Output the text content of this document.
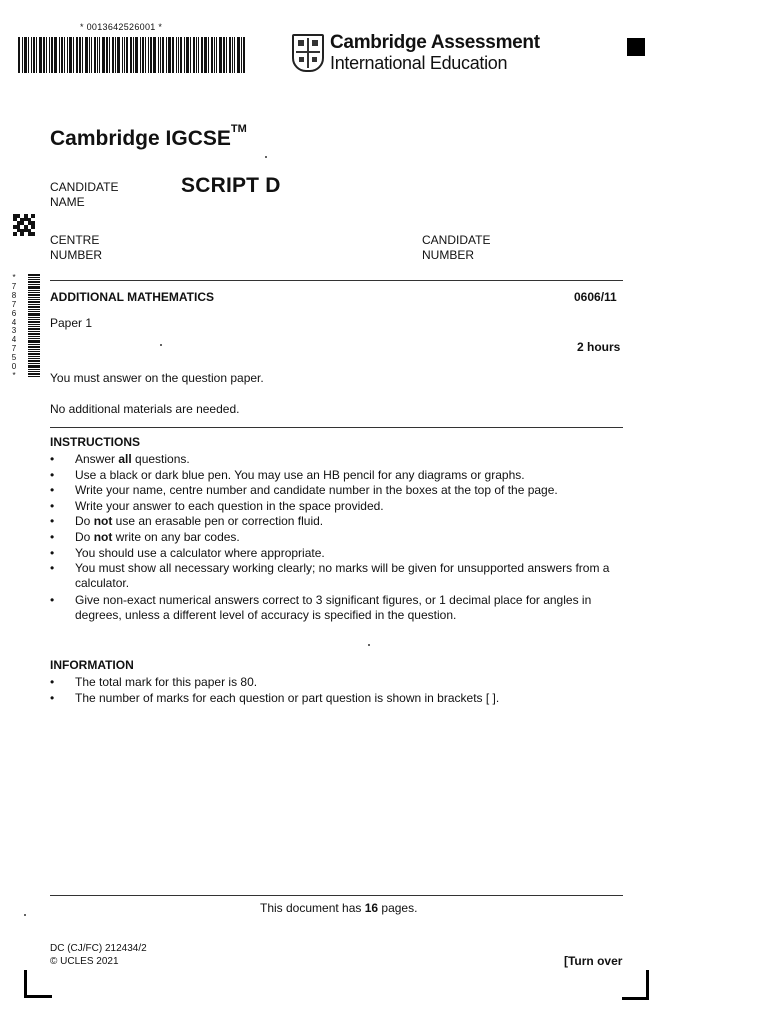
* 0013642526001 *
Cambridge Assessment
International Education
Cambridge IGCSE™
CANDIDATE
NAME
SCRIPT D
CENTRE
NUMBER
CANDIDATE
NUMBER
*
7
8
7
6
4
3
4
7
5
0
*
ADDITIONAL MATHEMATICS	0606/11
Paper 1
2 hours
You must answer on the question paper.
No additional materials are needed.
INSTRUCTIONS
• Answer all questions.
• Use a black or dark blue pen. You may use an HB pencil for any diagrams or graphs.
• Write your name, centre number and candidate number in the boxes at the top of the page.
• Write your answer to each question in the space provided.
• Do not use an erasable pen or correction fluid.
• Do not write on any bar codes.
• You should use a calculator where appropriate.
• You must show all necessary working clearly; no marks will be given for unsupported answers from a calculator.
• Give non-exact numerical answers correct to 3 significant figures, or 1 decimal place for angles in degrees, unless a different level of accuracy is specified in the question.
INFORMATION
• The total mark for this paper is 80.
• The number of marks for each question or part question is shown in brackets [ ].
This document has 16 pages.
DC (CJ/FC) 212434/2
© UCLES 2021	[Turn over
